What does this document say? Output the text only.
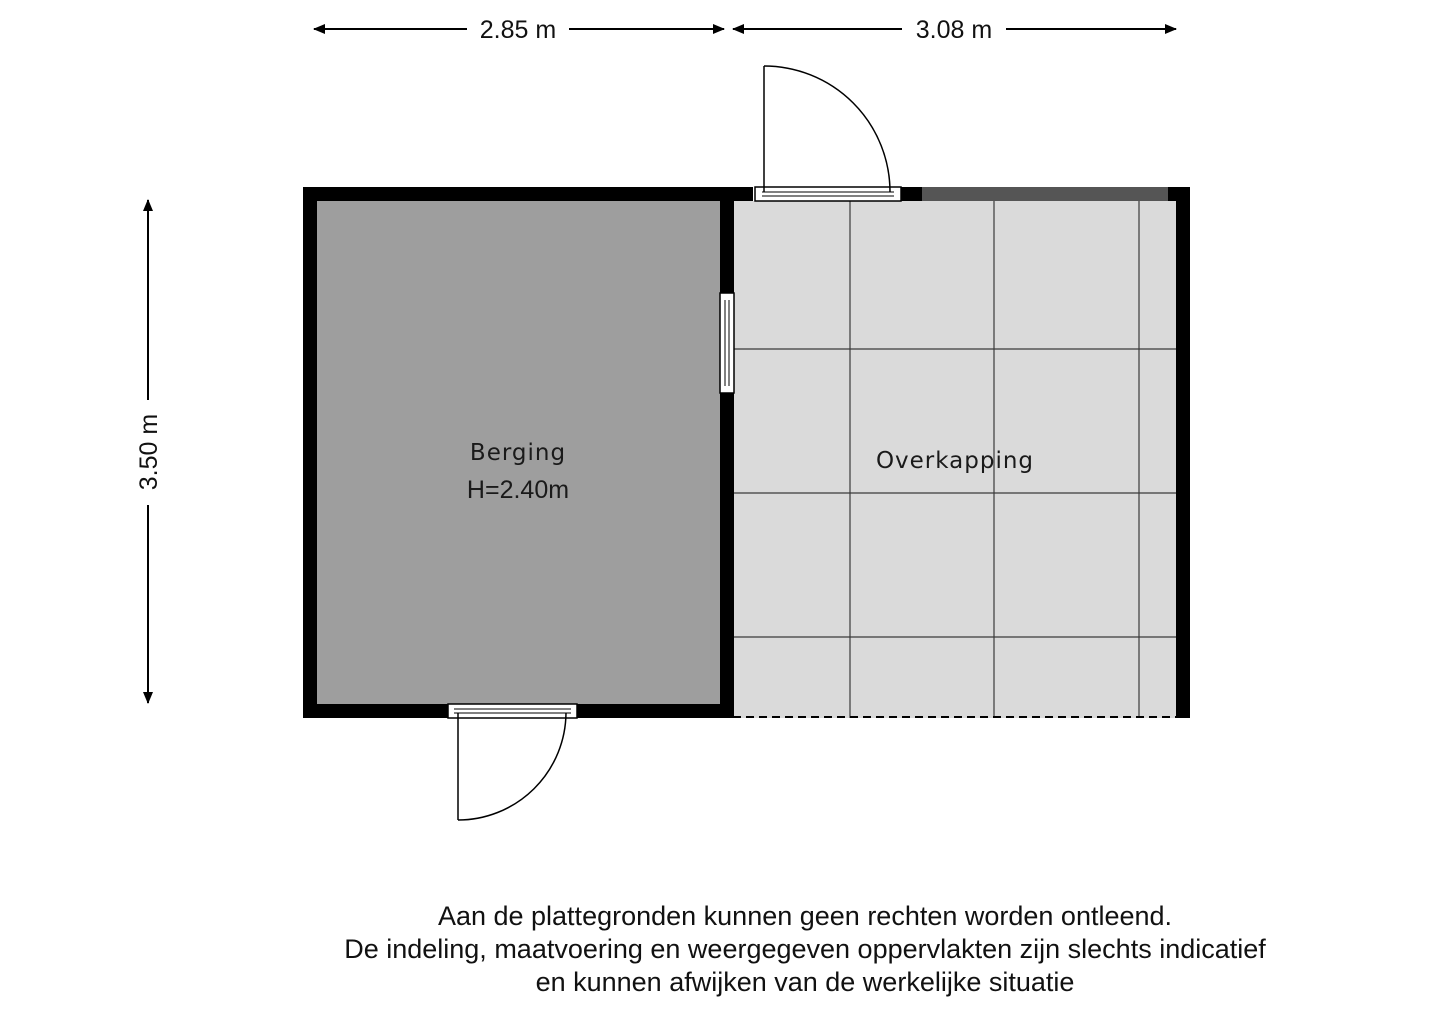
2.85 m	3.08 m
3.50 m	Berging
H=2.40m
Overkapping
Aan de plattegronden kunnen geen rechten worden ontleend.
De indeling, maatvoering en weergegeven oppervlakten zijn slechts indicatief
en kunnen afwijken van de werkelijke situatie
